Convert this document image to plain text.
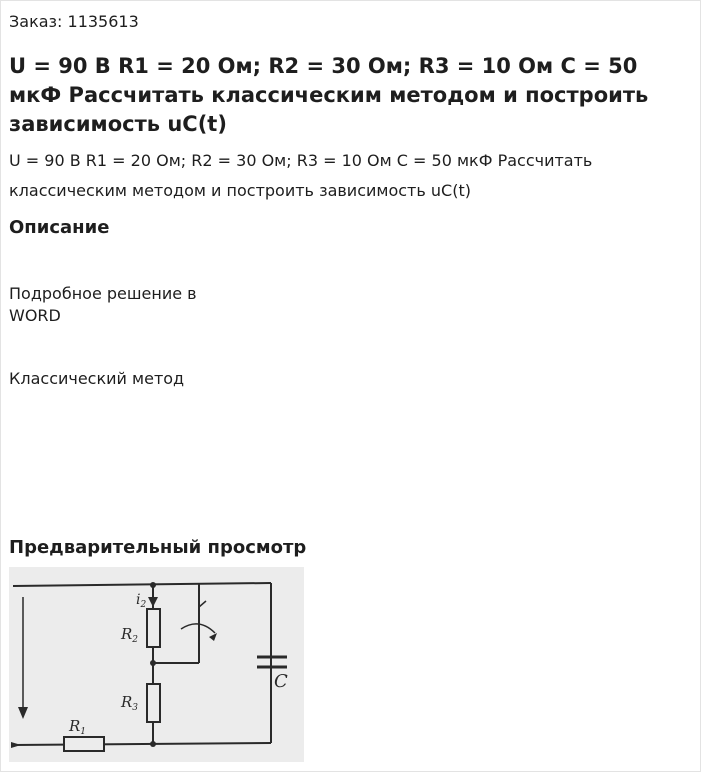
Заказ: 1135613
U = 90 В R1 = 20 Ом; R2 = 30 Ом; R3 = 10 Ом С = 50 мкФ Рассчитать классическим методом и построить зависимость uC(t)
U = 90 В R1 = 20 Ом; R2 = 30 Ом; R3 = 10 Ом С = 50 мкФ Рассчитать классическим методом и построить зависимость uC(t)
Описание
Подробное решение в WORD
Классический метод
Предварительный просмотр
$i_2$
$R_2$
$R_3$
$R_1$
C
